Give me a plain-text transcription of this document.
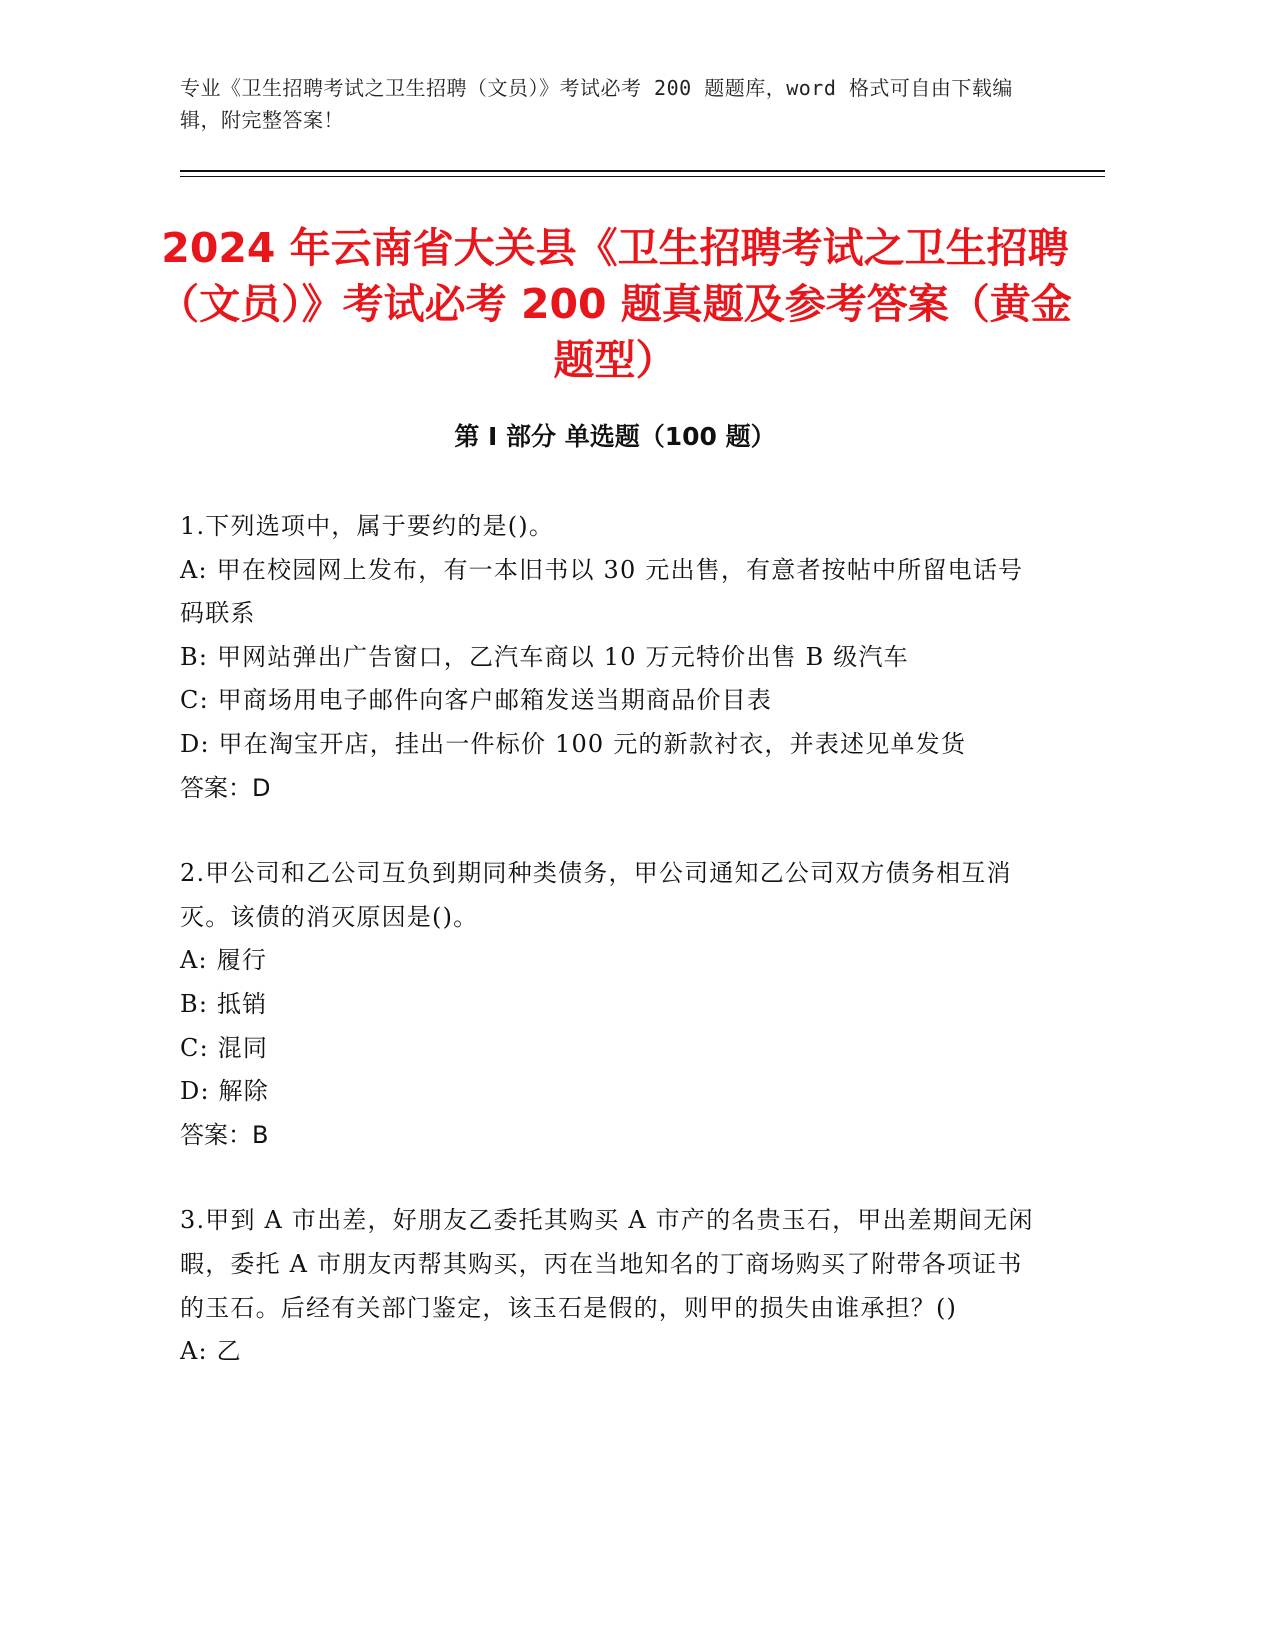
专业《卫生招聘考试之卫生招聘（文员）》考试必考 200 题题库，word 格式可自由下载编辑，附完整答案！

2024 年云南省大关县《卫生招聘考试之卫生招聘（文员）》考试必考 200 题真题及参考答案（黄金题型）
第 I 部分 单选题（100 题）

1.下列选项中，属于要约的是()。

A: 甲在校园网上发布，有一本旧书以 30 元出售，有意者按帖中所留电话号码联系

B: 甲网站弹出广告窗口，乙汽车商以 10 万元特价出售 B 级汽车

C: 甲商场用电子邮件向客户邮箱发送当期商品价目表

D: 甲在淘宝开店，挂出一件标价 100 元的新款衬衣，并表述见单发货

答案：D

2.甲公司和乙公司互负到期同种类债务，甲公司通知乙公司双方债务相互消灭。该债的消灭原因是()。

A: 履行

B: 抵销

C: 混同

D: 解除

答案：B

3.甲到 A 市出差，好朋友乙委托其购买 A 市产的名贵玉石，甲出差期间无闲暇，委托 A 市朋友丙帮其购买，丙在当地知名的丁商场购买了附带各项证书的玉石。后经有关部门鉴定，该玉石是假的，则甲的损失由谁承担？()

A: 乙
